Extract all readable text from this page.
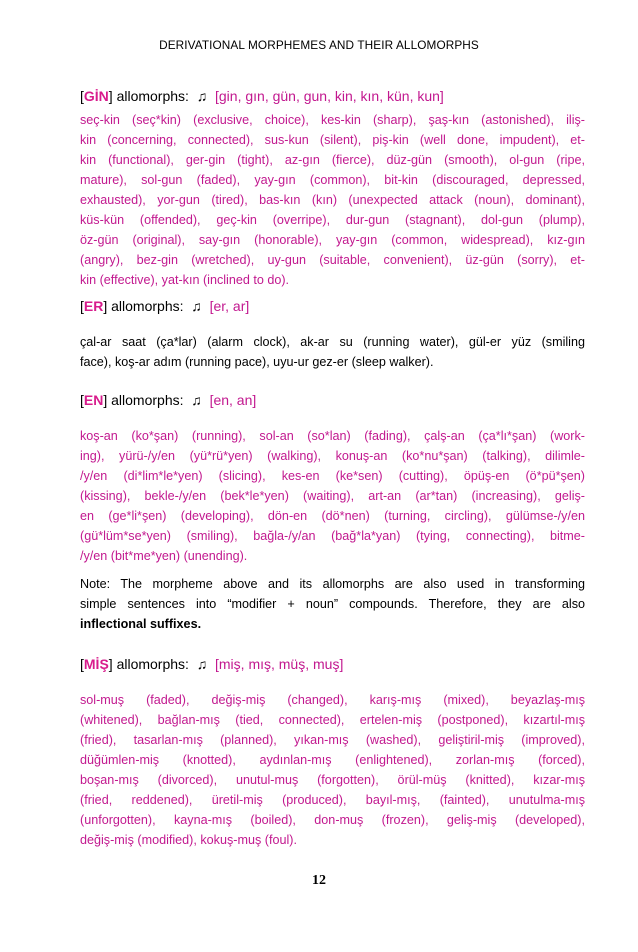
DERIVATIONAL MORPHEMES AND THEIR ALLOMORPHS
[GİN] allomorphs: ♫ [gin, gın, gün, gun, kin, kın, kün, kun]
seç-kin (seç*kin) (exclusive, choice), kes-kin (sharp), şaş-kın (astonished), iliş-
kin (concerning, connected), sus-kun (silent), piş-kin (well done, impudent), et-
kin (functional), ger-gin (tight), az-gın (fierce), düz-gün (smooth), ol-gun (ripe,
mature), sol-gun (faded), yay-gın (common), bit-kin (discouraged, depressed,
exhausted), yor-gun (tired), bas-kın (kın) (unexpected attack (noun), dominant),
küs-kün (offended), geç-kin (overripe), dur-gun (stagnant), dol-gun (plump),
öz-gün (original), say-gın (honorable), yay-gın (common, widespread), kız-gın
(angry), bez-gin (wretched), uy-gun (suitable, convenient), üz-gün (sorry), et-
kin (effective), yat-kın (inclined to do).
[ER] allomorphs: ♫ [er, ar]
çal-ar saat (ça*lar) (alarm clock), ak-ar su (running water), gül-er yüz (smiling
face), koş-ar adım (running pace), uyu-ur gez-er (sleep walker).
[EN] allomorphs: ♫ [en, an]
koş-an (ko*şan) (running), sol-an (so*lan) (fading), çalş-an (ça*lı*şan) (work-
ing), yürü-/y/en (yü*rü*yen) (walking), konuş-an (ko*nu*şan) (talking), dilimle-
/y/en (di*lim*le*yen) (slicing), kes-en (ke*sen) (cutting), öpüş-en (ö*pü*şen)
(kissing), bekle-/y/en (bek*le*yen) (waiting), art-an (ar*tan) (increasing), geliş-
en (ge*li*şen) (developing), dön-en (dö*nen) (turning, circling), gülümse-/y/en
(gü*lüm*se*yen) (smiling), bağla-/y/an (bağ*la*yan) (tying, connecting), bitme-
/y/en (bit*me*yen) (unending).
Note: The morpheme above and its allomorphs are also used in transforming
simple sentences into “modifier + noun” compounds. Therefore, they are also
inflectional suffixes.
[MİŞ] allomorphs: ♫ [miş, mış, müş, muş]
sol-muş (faded), değiş-miş (changed), karış-mış (mixed), beyazlaş-mış
(whitened), bağlan-mış (tied, connected), ertelen-miş (postponed), kızartıl-mış
(fried), tasarlan-mış (planned), yıkan-mış (washed), geliştiril-miş (improved),
düğümlen-miş (knotted), aydınlan-mış (enlightened), zorlan-mış (forced),
boşan-mış (divorced), unutul-muş (forgotten), örül-müş (knitted), kızar-mış
(fried, reddened), üretil-miş (produced), bayıl-mış, (fainted), unutulma-mış
(unforgotten), kayna-mış (boiled), don-muş (frozen), geliş-miş (developed),
değiş-miş (modified), kokuş-muş (foul).
12
